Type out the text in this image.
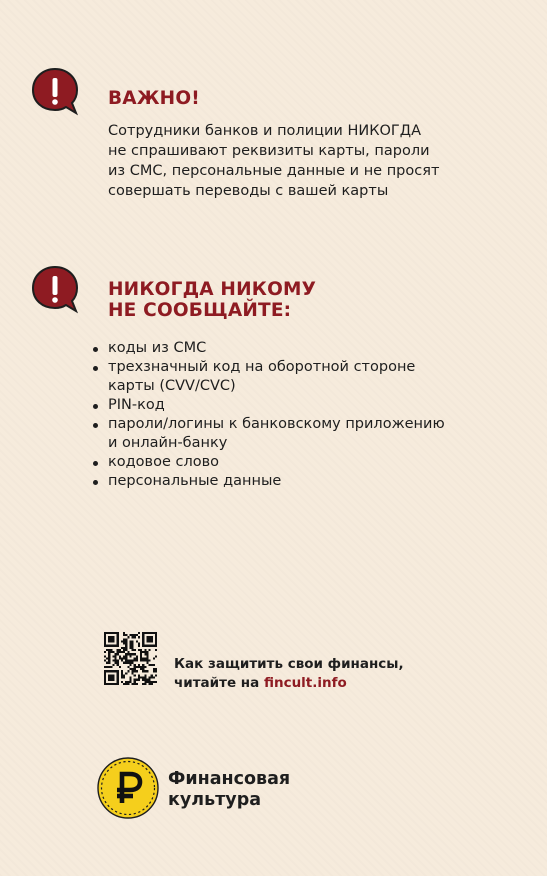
ВАЖНО!
Сотрудники банков и полиции НИКОГДА
не спрашивают реквизиты карты, пароли
из СМС, персональные данные и не просят
совершать переводы с вашей карты
НИКОГДА НИКОМУ
НЕ СООБЩАЙТЕ:
коды из СМС
трехзначный код на оборотной стороне
карты (CVV/CVC)
PIN-код
пароли/логины к банковскому приложению
и онлайн-банку
кодовое слово
персональные данные

Как защитить свои финансы,
читайте на fincult.info

Финансовая
культура
